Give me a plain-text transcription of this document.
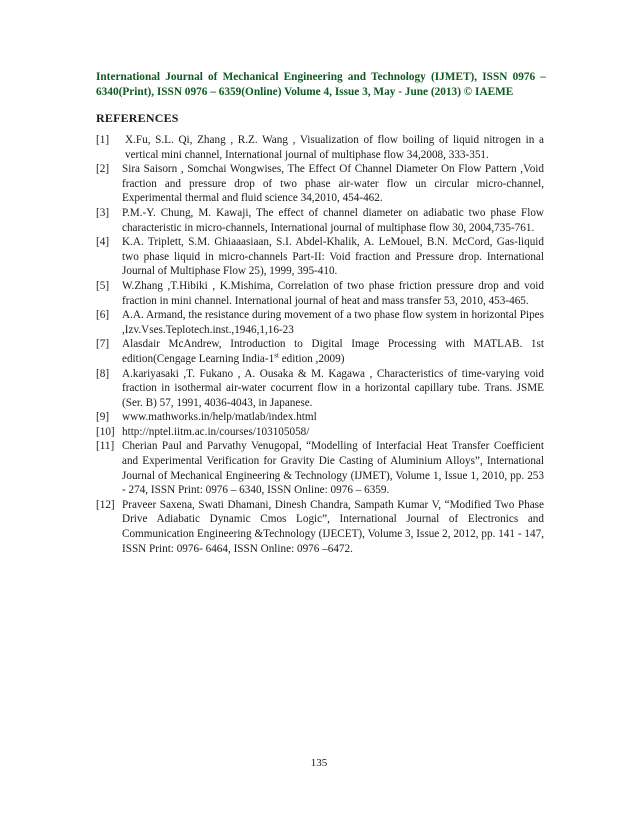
International Journal of Mechanical Engineering and Technology (IJMET), ISSN 0976 – 6340(Print), ISSN 0976 – 6359(Online) Volume 4, Issue 3, May - June (2013) © IAEME
REFERENCES
[1]	X.Fu, S.L. Qi, Zhang , R.Z. Wang , Visualization of flow boiling of liquid nitrogen in a vertical mini channel, International journal of multiphase flow 34,2008, 333-351.
[2]	Sira Saisorn , Somchai Wongwises, The Effect Of Channel Diameter On Flow Pattern ,Void fraction and pressure drop of two phase air-water flow un circular micro-channel, Experimental thermal and fluid science 34,2010, 454-462.
[3]	P.M.-Y. Chung, M. Kawaji, The effect of channel diameter on adiabatic two phase Flow characteristic in micro-channels, International journal of multiphase flow 30, 2004,735-761.
[4]	K.A. Triplett, S.M. Ghiaaasiaan, S.I. Abdel-Khalik, A. LeMouel, B.N. McCord, Gas-liquid two phase liquid in micro-channels Part-II: Void fraction and Pressure drop. International Journal of Multiphase Flow 25), 1999, 395-410.
[5]	W.Zhang ,T.Hibiki , K.Mishima, Correlation of two phase friction pressure drop and void fraction in mini channel. International journal of heat and mass transfer 53, 2010, 453-465.
[6]	A.A. Armand, the resistance during movement of a two phase flow system in horizontal Pipes ,Izv.Vses.Teplotech.inst.,1946,1,16-23
[7]	Alasdair McAndrew, Introduction to Digital Image Processing with MATLAB. 1st edition(Cengage Learning India-1st edition ,2009)
[8]	A.kariyasaki ,T. Fukano , A. Ousaka & M. Kagawa , Characteristics of time-varying void fraction in isothermal air-water cocurrent flow in a horizontal capillary tube. Trans. JSME (Ser. B) 57, 1991, 4036-4043, in Japanese.
[9]	www.mathworks.in/help/matlab/index.html
[10] http://nptel.iitm.ac.in/courses/103105058/
[11] Cherian Paul and Parvathy Venugopal, “Modelling of Interfacial Heat Transfer Coefficient and Experimental Verification for Gravity Die Casting of Aluminium Alloys”, International Journal of Mechanical Engineering & Technology (IJMET), Volume 1, Issue 1, 2010, pp. 253 - 274, ISSN Print: 0976 – 6340, ISSN Online: 0976 – 6359.
[12] Praveer Saxena, Swati Dhamani, Dinesh Chandra, Sampath Kumar V, “Modified Two Phase Drive Adiabatic Dynamic Cmos Logic”, International Journal of Electronics and Communication Engineering &Technology (IJECET), Volume 3, Issue 2, 2012, pp. 141 - 147, ISSN Print: 0976- 6464, ISSN Online: 0976 –6472.
135
